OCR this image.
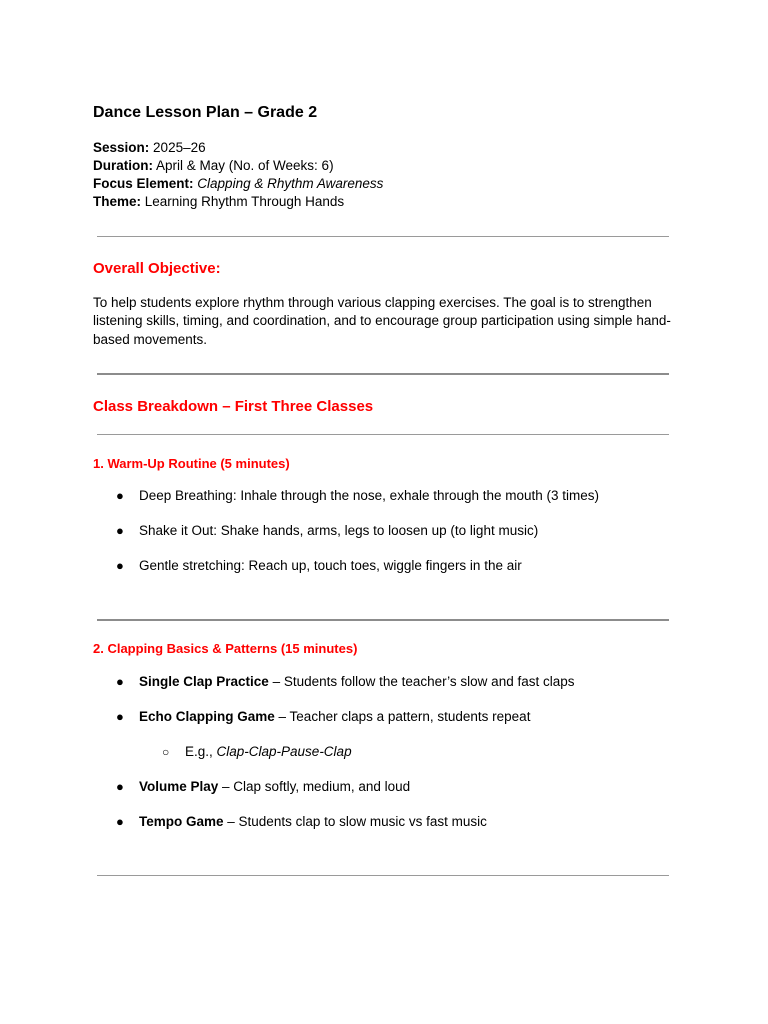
Dance Lesson Plan – Grade 2
Session: 2025–26
Duration: April & May (No. of Weeks: 6)
Focus Element: Clapping & Rhythm Awareness
Theme: Learning Rhythm Through Hands
Overall Objective:

To help students explore rhythm through various clapping exercises. The goal is to strengthen listening skills, timing, and coordination, and to encourage group participation using simple hand-based movements.

Class Breakdown – First Three Classes
1. Warm-Up Routine (5 minutes)
● Deep Breathing: Inhale through the nose, exhale through the mouth (3 times)
● Shake it Out: Shake hands, arms, legs to loosen up (to light music)
● Gentle stretching: Reach up, touch toes, wiggle fingers in the air
2. Clapping Basics & Patterns (15 minutes)
● Single Clap Practice – Students follow the teacher’s slow and fast claps
● Echo Clapping Game – Teacher claps a pattern, students repeat
○ E.g., Clap-Clap-Pause-Clap
● Volume Play – Clap softly, medium, and loud
● Tempo Game – Students clap to slow music vs fast music
